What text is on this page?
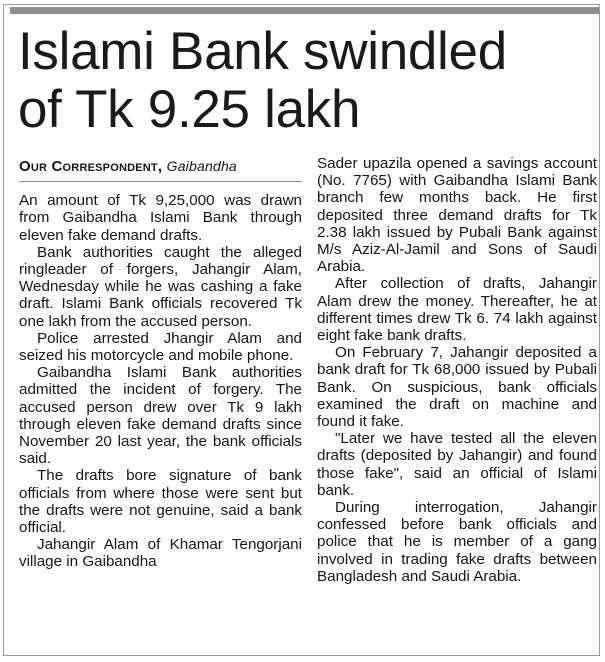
Islami Bank swindled
of Tk 9.25 lakh
Our Correspondent, Gaibandha

An amount of Tk 9,25,000 was drawn from Gaibandha Islami Bank through eleven fake demand drafts.

Bank authorities caught the alleged ringleader of forgers, Jahangir Alam, Wednesday while he was cashing a fake draft. Islami Bank officials recovered Tk one lakh from the accused person.

Police arrested Jhangir Alam and seized his motorcycle and mobile phone.

Gaibandha Islami Bank authorities admitted the incident of forgery. The accused person drew over Tk 9 lakh through eleven fake demand drafts since November 20 last year, the bank officials said.

The drafts bore signature of bank officials from where those were sent but the drafts were not genuine, said a bank official.

Jahangir Alam of Khamar Tengorjani village in Gaibandha

Sader upazila opened a savings account (No. 7765) with Gaibandha Islami Bank branch few months back. He first deposited three demand drafts for Tk 2.38 lakh issued by Pubali Bank against M/s Aziz-Al-Jamil and Sons of Saudi Arabia.

After collection of drafts, Jahangir Alam drew the money. Thereafter, he at different times drew Tk 6. 74 lakh against eight fake bank drafts.

On February 7, Jahangir deposited a bank draft for Tk 68,000 issued by Pubali Bank. On suspicious, bank officials examined the draft on machine and found it fake.

"Later we have tested all the eleven drafts (deposited by Jahangir) and found those fake", said an official of Islami bank.

During interrogation, Jahangir confessed before bank officials and police that he is member of a gang involved in trading fake drafts between Bangladesh and Saudi Arabia.
